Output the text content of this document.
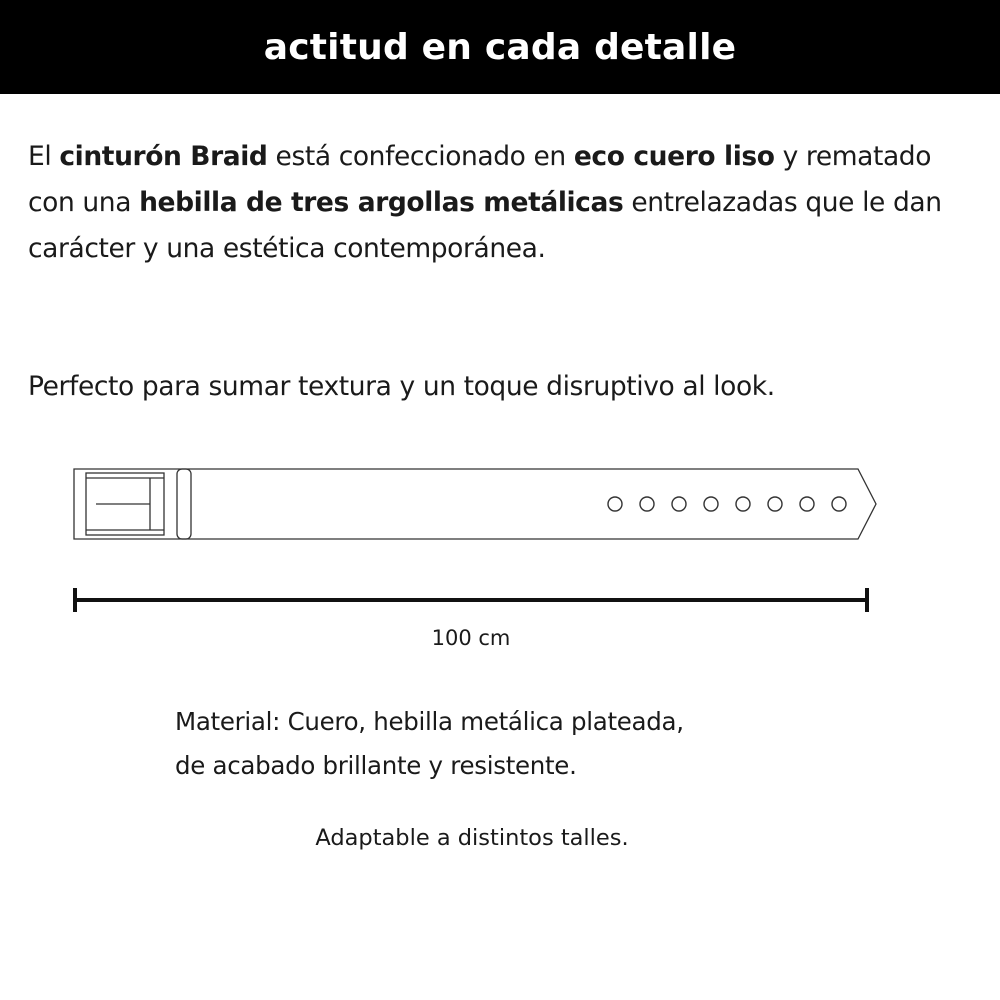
actitud en cada detalle

El cinturón Braid está confeccionado en eco cuero liso y rematado con una hebilla de tres argollas metálicas entrelazadas que le dan carácter y una estética contemporánea.

Perfecto para sumar textura y un toque disruptivo al look.

100 cm

Material: Cuero, hebilla metálica plateada,
de acabado brillante y resistente.

Adaptable a distintos talles.
